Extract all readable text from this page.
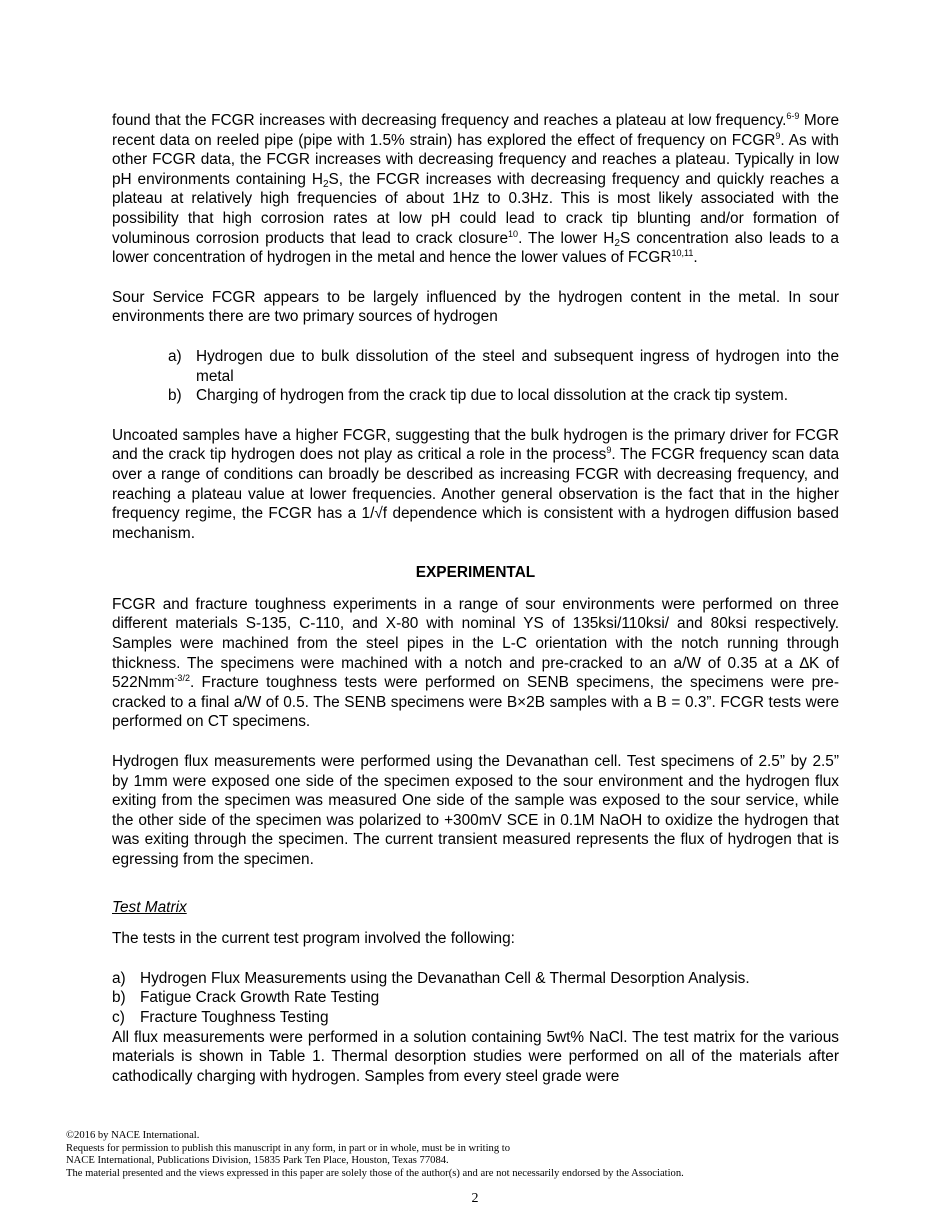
found that the FCGR increases with decreasing frequency and reaches a plateau at low frequency.$^{6-9}$ More recent data on reeled pipe (pipe with 1.5% strain) has explored the effect of frequency on FCGR$^9$. As with other FCGR data, the FCGR increases with decreasing frequency and reaches a plateau. Typically in low pH environments containing $H_2S$, the FCGR increases with decreasing frequency and quickly reaches a plateau at relatively high frequencies of about 1Hz to 0.3Hz. This is most likely associated with the possibility that high corrosion rates at low pH could lead to crack tip blunting and/or formation of voluminous corrosion products that lead to crack closure$^{10}$. The lower $H_2S$ concentration also leads to a lower concentration of hydrogen in the metal and hence the lower values of FCGR$^{10,11}$.

Sour Service FCGR appears to be largely influenced by the hydrogen content in the metal. In sour environments there are two primary sources of hydrogen

a) Hydrogen due to bulk dissolution of the steel and subsequent ingress of hydrogen into the metal
b) Charging of hydrogen from the crack tip due to local dissolution at the crack tip system.

Uncoated samples have a higher FCGR, suggesting that the bulk hydrogen is the primary driver for FCGR and the crack tip hydrogen does not play as critical a role in the process$^9$. The FCGR frequency scan data over a range of conditions can broadly be described as increasing FCGR with decreasing frequency, and reaching a plateau value at lower frequencies. Another general observation is the fact that in the higher frequency regime, the FCGR has a 1/√f dependence which is consistent with a hydrogen diffusion based mechanism.

EXPERIMENTAL

FCGR and fracture toughness experiments in a range of sour environments were performed on three different materials S-135, C-110, and X-80 with nominal YS of 135ksi/110ksi/ and 80ksi respectively. Samples were machined from the steel pipes in the L-C orientation with the notch running through thickness. The specimens were machined with a notch and pre-cracked to an a/W of 0.35 at a ∆K of 522Nmm$^{-3/2}$. Fracture toughness tests were performed on SENB specimens, the specimens were pre-cracked to a final a/W of 0.5. The SENB specimens were B×2B samples with a B = 0.3”. FCGR tests were performed on CT specimens.

Hydrogen flux measurements were performed using the Devanathan cell. Test specimens of 2.5” by 2.5” by 1mm were exposed one side of the specimen exposed to the sour environment and the hydrogen flux exiting from the specimen was measured One side of the sample was exposed to the sour service, while the other side of the specimen was polarized to +300mV SCE in 0.1M NaOH to oxidize the hydrogen that was exiting through the specimen. The current transient measured represents the flux of hydrogen that is egressing from the specimen.

Test Matrix

The tests in the current test program involved the following:

a) Hydrogen Flux Measurements using the Devanathan Cell & Thermal Desorption Analysis.
b) Fatigue Crack Growth Rate Testing
c) Fracture Toughness Testing

All flux measurements were performed in a solution containing 5wt% NaCl. The test matrix for the various materials is shown in Table 1. Thermal desorption studies were performed on all of the materials after cathodically charging with hydrogen. Samples from every steel grade were

©2016 by NACE International.
Requests for permission to publish this manuscript in any form, in part or in whole, must be in writing to
NACE International, Publications Division, 15835 Park Ten Place, Houston, Texas 77084.
The material presented and the views expressed in this paper are solely those of the author(s) and are not necessarily endorsed by the Association.
2
